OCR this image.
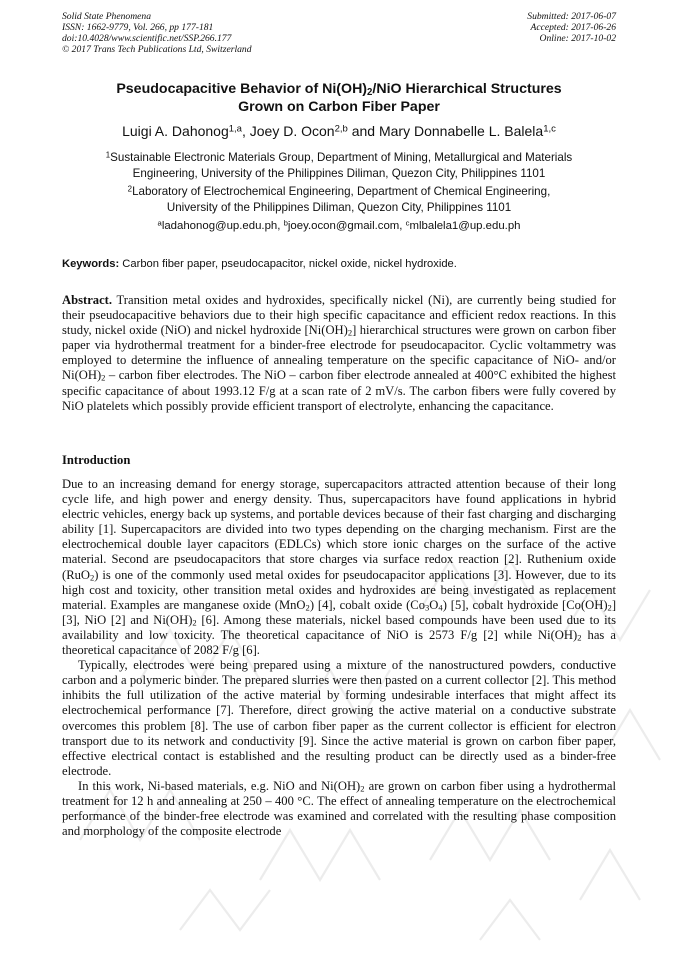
Solid State Phenomena
ISSN: 1662-9779, Vol. 266, pp 177-181
doi:10.4028/www.scientific.net/SSP.266.177
© 2017 Trans Tech Publications Ltd, Switzerland
Submitted: 2017-06-07
Accepted: 2017-06-26
Online: 2017-10-02
Pseudocapacitive Behavior of $Ni(OH)_2$/NiO Hierarchical Structures
Grown on Carbon Fiber Paper
Luigi A. Dahonog$^{1,a}$, Joey D. Ocon$^{2,b}$ and Mary Donnabelle L. Balela$^{1,c}$
$^1$Sustainable Electronic Materials Group, Department of Mining, Metallurgical and Materials
Engineering, University of the Philippines Diliman, Quezon City, Philippines 1101
$^2$Laboratory of Electrochemical Engineering, Department of Chemical Engineering,
University of the Philippines Diliman, Quezon City, Philippines 1101
$^a$ladahonog@up.edu.ph, $^b$joey.ocon@gmail.com, $^c$mlbalela1@up.edu.ph
Keywords: Carbon fiber paper, pseudocapacitor, nickel oxide, nickel hydroxide.
Abstract. Transition metal oxides and hydroxides, specifically nickel (Ni), are currently being studied for their pseudocapacitive behaviors due to their high specific capacitance and efficient redox reactions. In this study, nickel oxide (NiO) and nickel hydroxide $[Ni(OH)_2]$ hierarchical structures were grown on carbon fiber paper via hydrothermal treatment for a binder-free electrode for pseudocapacitor. Cyclic voltammetry was employed to determine the influence of annealing temperature on the specific capacitance of NiO- and/or $Ni(OH)_2$ – carbon fiber electrodes. The NiO – carbon fiber electrode annealed at 400°C exhibited the highest specific capacitance of about 1993.12 F/g at a scan rate of 2 mV/s. The carbon fibers were fully covered by NiO platelets which possibly provide efficient transport of electrolyte, enhancing the capacitance.
Introduction

Due to an increasing demand for energy storage, supercapacitors attracted attention because of their long cycle life, and high power and energy density. Thus, supercapacitors have found applications in hybrid electric vehicles, energy back up systems, and portable devices because of their fast charging and discharging ability [1]. Supercapacitors are divided into two types depending on the charging mechanism. First are the electrochemical double layer capacitors (EDLCs) which store ionic charges on the surface of the active material. Second are pseudocapacitors that store charges via surface redox reaction [2]. Ruthenium oxide (RuO$_2$) is one of the commonly used metal oxides for pseudocapacitor applications [3]. However, due to its high cost and toxicity, other transition metal oxides and hydroxides are being investigated as replacement material. Examples are manganese oxide (MnO$_2$) [4], cobalt oxide $(Co_3O_4)$ [5], cobalt hydroxide $[Co(OH)_2]$ [3], NiO [2] and $Ni(OH)_2$ [6]. Among these materials, nickel based compounds have been used due to its availability and low toxicity. The theoretical capacitance of NiO is 2573 F/g [2] while $Ni(OH)_2$ has a theoretical capacitance of 2082 F/g [6].

Typically, electrodes were being prepared using a mixture of the nanostructured powders, conductive carbon and a polymeric binder. The prepared slurries were then pasted on a current collector [2]. This method inhibits the full utilization of the active material by forming undesirable interfaces that might affect its electrochemical performance [7]. Therefore, direct growing the active material on a conductive substrate overcomes this problem [8]. The use of carbon fiber paper as the current collector is efficient for electron transport due to its network and conductivity [9]. Since the active material is grown on carbon fiber paper, effective electrical contact is established and the resulting product can be directly used as a binder-free electrode.

In this work, Ni-based materials, e.g. NiO and $Ni(OH)_2$ are grown on carbon fiber using a hydrothermal treatment for 12 h and annealing at 250 – 400 °C. The effect of annealing temperature on the electrochemical performance of the binder-free electrode was examined and correlated with the resulting phase composition and morphology of the composite electrode
